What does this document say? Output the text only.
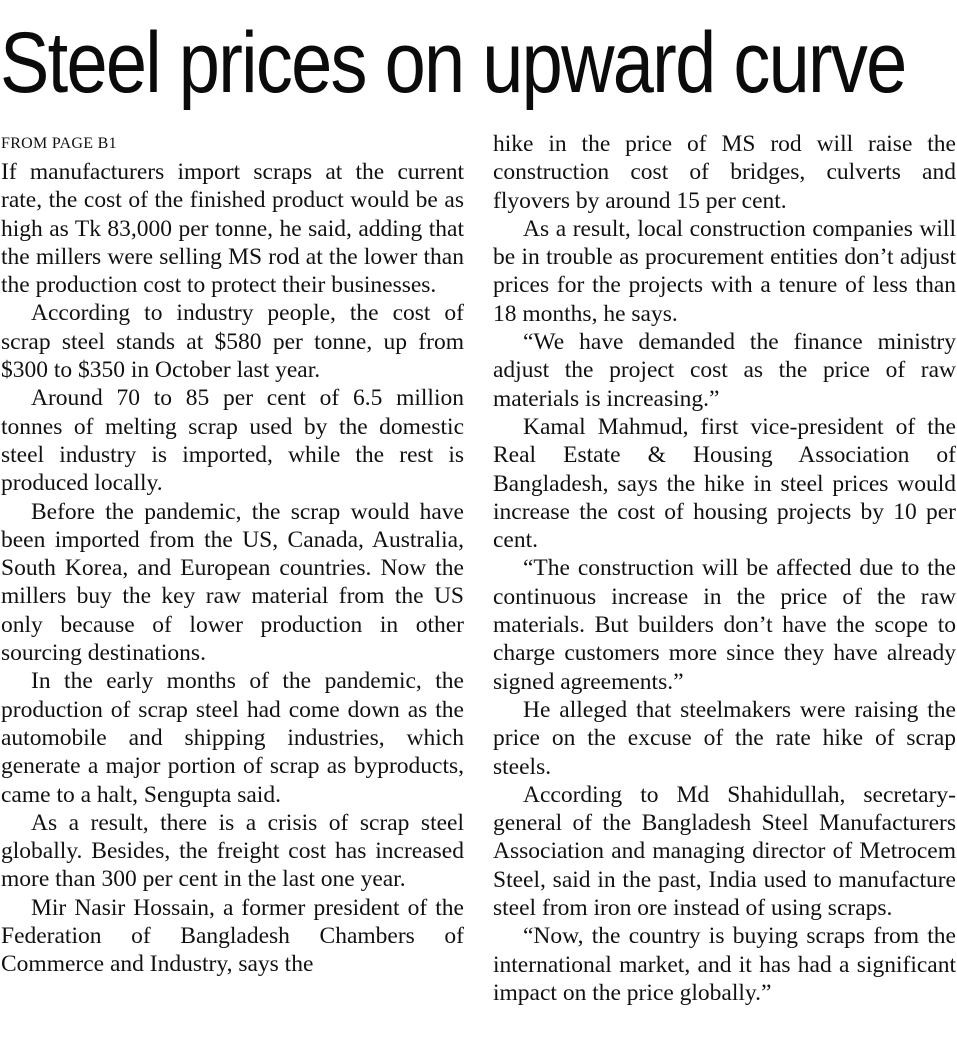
Steel prices on upward curve
FROM PAGE B1

If manufacturers import scraps at the current rate, the cost of the finished product would be as high as Tk 83,000 per tonne, he said, adding that the millers were selling MS rod at the lower than the production cost to protect their businesses.

According to industry people, the cost of scrap steel stands at $580 per tonne, up from $300 to $350 in October last year.

Around 70 to 85 per cent of 6.5 million tonnes of melting scrap used by the domestic steel industry is imported, while the rest is produced locally.

Before the pandemic, the scrap would have been imported from the US, Canada, Australia, South Korea, and European countries. Now the millers buy the key raw material from the US only because of lower production in other sourcing destinations.

In the early months of the pandemic, the production of scrap steel had come down as the automobile and shipping industries, which generate a major portion of scrap as byproducts, came to a halt, Sengupta said.

As a result, there is a crisis of scrap steel globally. Besides, the freight cost has increased more than 300 per cent in the last one year.

Mir Nasir Hossain, a former president of the Federation of Bangladesh Chambers of Commerce and Industry, says the

hike in the price of MS rod will raise the construction cost of bridges, culverts and flyovers by around 15 per cent.

As a result, local construction companies will be in trouble as procurement entities don’t adjust prices for the projects with a tenure of less than 18 months, he says.

“We have demanded the finance ministry adjust the project cost as the price of raw materials is increasing.”

Kamal Mahmud, first vice-president of the Real Estate & Housing Association of Bangladesh, says the hike in steel prices would increase the cost of housing projects by 10 per cent.

“The construction will be affected due to the continuous increase in the price of the raw materials. But builders don’t have the scope to charge customers more since they have already signed agreements.”

He alleged that steelmakers were raising the price on the excuse of the rate hike of scrap steels.

According to Md Shahidullah, secretary-general of the Bangladesh Steel Manufacturers Association and managing director of Metrocem Steel, said in the past, India used to manufacture steel from iron ore instead of using scraps.

“Now, the country is buying scraps from the international market, and it has had a significant impact on the price globally.”
